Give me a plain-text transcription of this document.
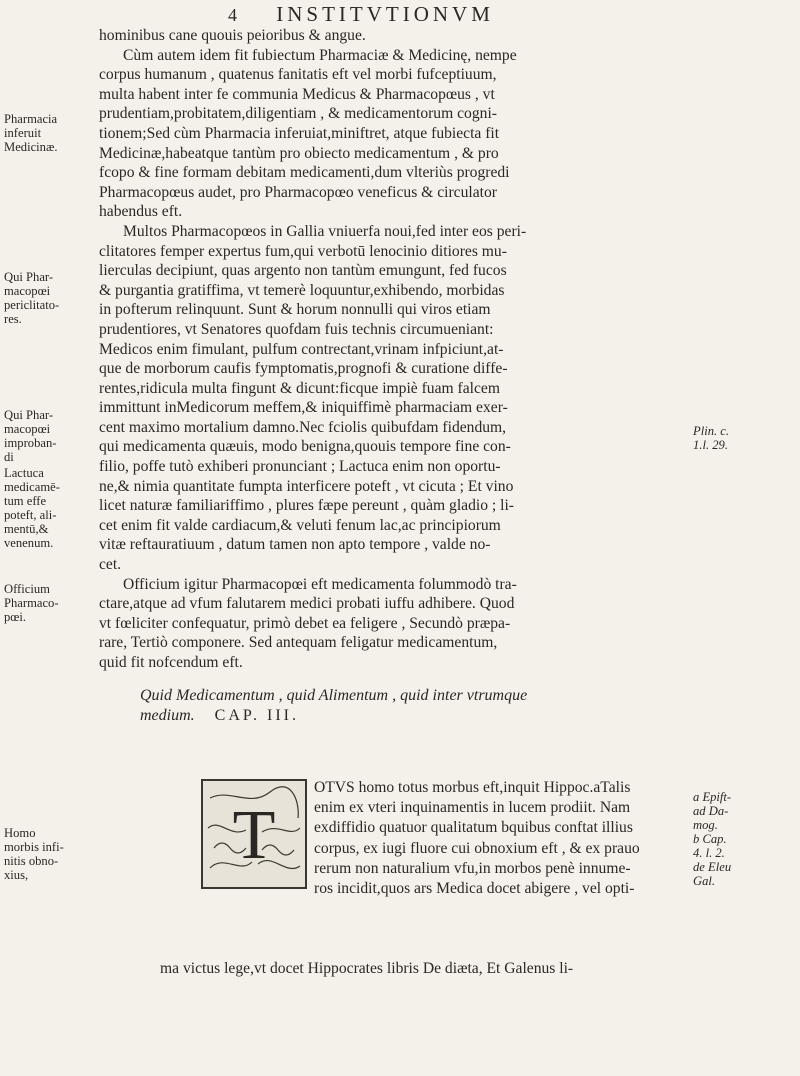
4 INSTITVTIONVM
hominibus cane quouis peioribus & angue.
Cùm autem idem fit fubiectum Pharmaciæ & Medicinę, nempe
corpus humanum , quatenus fanitatis eft vel morbi fufceptiuum,
multa habent inter fe communia Medicus & Pharmacopœus , vt
prudentiam,probitatem,diligentiam , & medicamentorum cogni-
tionem;Sed cùm Pharmacia inferuiat,miniftret, atque fubiecta fit
Medicinæ,habeatque tantùm pro obiecto medicamentum , & pro
fcopo & fine formam debitam medicamenti,dum vlteriùs progredi
Pharmacopœus audet, pro Pharmacopœo veneficus & circulator
habendus eft.
Multos Pharmacopœos in Gallia vniuerfa noui,fed inter eos peri-
clitatores femper expertus fum,qui verbotū lenocinio ditiores mu-
lierculas decipiunt, quas argento non tantùm emungunt, fed fucos
& purgantia gratiffima, vt temerè loquuntur,exhibendo, morbidas
in pofterum relinquunt. Sunt & horum nonnulli qui viros etiam
prudentiores, vt Senatores quofdam fuis technis circumueniant:
Medicos enim fimulant, pulfum contrectant,vrinam infpiciunt,at-
que de morborum caufis fymptomatis,prognofi & curatione diffe-
rentes,ridicula multa fingunt & dicunt:ficque impiè fuam falcem
immittunt inMedicorum meffem,& iniquiffimè pharmaciam exer-
cent maximo mortalium damno.Nec fciolis quibufdam fidendum,
qui medicamenta quæuis, modo benigna,quouis tempore fine con-
filio, poffe tutò exhiberi pronunciant ; Lactuca enim non oportu-
ne,& nimia quantitate fumpta interficere poteft , vt cicuta ; Et vino
licet naturæ familiariffimo , plures fæpe pereunt , quàm gladio ; li-
cet enim fit valde cardiacum,& veluti fenum lac,ac principiorum
vitæ reftauratiuum , datum tamen non apto tempore , valde no-
cet.
Officium igitur Pharmacopœi eft medicamenta folummodò tra-
ctare,atque ad vfum falutarem medici probati iuffu adhibere. Quod
vt fœliciter confequatur, primò debet ea feligere , Secundò præpa-
rare, Tertiò componere. Sed antequam feligatur medicamentum,
quid fit nofcendum eft.
Pharmacia
inferuit
Medicinæ.
Qui Phar-
macopœi
periclitato-
res.
Qui Phar-
macopœi
improban-
di
Lactuca
medicamē-
tum effe
poteft, ali-
mentū,&
venenum.
Officium
Pharmaco-
pœi.
Homo
morbis infi-
nitis obno-
xius,
Plin. c.
1.l. 29.
a Epift-
ad Da-
mog.
b Cap.
4. l. 2.
de Eleu
Gal.
Quid Medicamentum , quid Alimentum , quid inter vtrumque
medium. CAP. III.
T
OTVS homo totus morbus eft,inquit Hippoc.aTalis
enim ex vteri inquinamentis in lucem prodiit. Nam
exdiffidio quatuor qualitatum bquibus conftat illius
corpus, ex iugi fluore cui obnoxium eft , & ex prauo
rerum non naturalium vfu,in morbos penè innume-
ros incidit,quos ars Medica docet abigere , vel opti-
ma victus lege,vt docet Hippocrates libris De diæta, Et Galenus li-
